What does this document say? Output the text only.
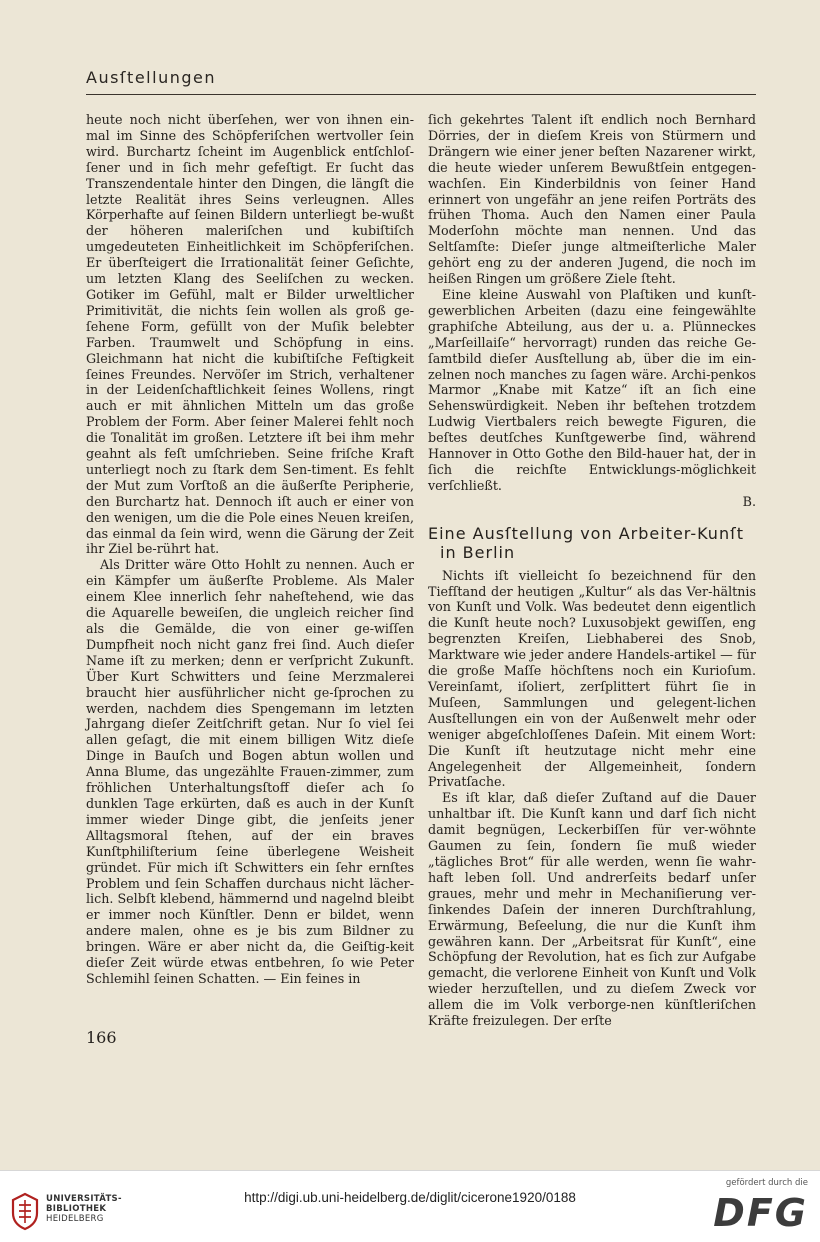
Ausſtellungen

heute noch nicht überſehen, wer von ihnen ein-mal im Sinne des Schöpferiſchen wertvoller ſein wird. Burchartz ſcheint im Augenblick entſchloſ-ſener und in ſich mehr gefeſtigt. Er ſucht das Transzendentale hinter den Dingen, die längſt die letzte Realität ihres Seins verleugnen. Alles Körperhafte auf ſeinen Bildern unterliegt be-wußt der höheren maleriſchen und kubiſtiſch umgedeuteten Einheitlichkeit im Schöpferiſchen. Er überſteigert die Irrationalität ſeiner Geſichte, um letzten Klang des Seeliſchen zu wecken. Gotiker im Gefühl, malt er Bilder urweltlicher Primitivität, die nichts ſein wollen als groß ge-ſehene Form, gefüllt von der Muſik belebter Farben. Traumwelt und Schöpfung in eins. Gleichmann hat nicht die kubiſtiſche Feſtigkeit ſeines Freundes. Nervöſer im Strich, verhaltener in der Leidenſchaftlichkeit ſeines Wollens, ringt auch er mit ähnlichen Mitteln um das große Problem der Form. Aber ſeiner Malerei fehlt noch die Tonalität im großen. Letztere iſt bei ihm mehr geahnt als feſt umſchrieben. Seine friſche Kraft unterliegt noch zu ſtark dem Sen-timent. Es fehlt der Mut zum Vorſtoß an die äußerſte Peripherie, den Burchartz hat. Dennoch iſt auch er einer von den wenigen, um die die Pole eines Neuen kreiſen, das einmal da ſein wird, wenn die Gärung der Zeit ihr Ziel be-rührt hat.

Als Dritter wäre Otto Hohlt zu nennen. Auch er ein Kämpfer um äußerſte Probleme. Als Maler einem Klee innerlich ſehr naheſtehend, wie das die Aquarelle beweiſen, die ungleich reicher ſind als die Gemälde, die von einer ge-wiſſen Dumpfheit noch nicht ganz frei ſind. Auch dieſer Name iſt zu merken; denn er verſpricht Zukunft. Über Kurt Schwitters und ſeine Merzmalerei braucht hier ausführlicher nicht ge-ſprochen zu werden, nachdem dies Spengemann im letzten Jahrgang dieſer Zeitſchrift getan. Nur ſo viel ſei allen geſagt, die mit einem billigen Witz dieſe Dinge in Bauſch und Bogen abtun wollen und Anna Blume, das ungezählte Frauen-zimmer, zum fröhlichen Unterhaltungsſtoff dieſer ach ſo dunklen Tage erkürten, daß es auch in der Kunſt immer wieder Dinge gibt, die jenſeits jener Alltagsmoral ſtehen, auf der ein braves Kunſtphiliſterium ſeine überlegene Weisheit gründet. Für mich iſt Schwitters ein ſehr ernſtes Problem und ſein Schaffen durchaus nicht lächer-lich. Selbſt klebend, hämmernd und nagelnd bleibt er immer noch Künſtler. Denn er bildet, wenn andere malen, ohne es je bis zum Bildner zu bringen. Wäre er aber nicht da, die Geiſtig-keit dieſer Zeit würde etwas entbehren, ſo wie Peter Schlemihl ſeinen Schatten. — Ein feines in

ſich gekehrtes Talent iſt endlich noch Bernhard Dörries, der in dieſem Kreis von Stürmern und Drängern wie einer jener beſten Nazarener wirkt, die heute wieder unſerem Bewußtſein entgegen-wachſen. Ein Kinderbildnis von ſeiner Hand erinnert von ungefähr an jene reifen Porträts des frühen Thoma. Auch den Namen einer Paula Moderſohn möchte man nennen. Und das Seltſamſte: Dieſer junge altmeiſterliche Maler gehört eng zu der anderen Jugend, die noch im heißen Ringen um größere Ziele ſteht.

Eine kleine Auswahl von Plaſtiken und kunſt-gewerblichen Arbeiten (dazu eine feingewählte graphiſche Abteilung, aus der u. a. Plünneckes „Marſeillaiſe“ hervorragt) runden das reiche Ge-ſamtbild dieſer Ausſtellung ab, über die im ein-zelnen noch manches zu ſagen wäre. Archi-penkos Marmor „Knabe mit Katze“ iſt an ſich eine Sehenswürdigkeit. Neben ihr beſtehen trotzdem Ludwig Viertbalers reich bewegte Figuren, die beſtes deutſches Kunſtgewerbe ſind, während Hannover in Otto Gothe den Bild-hauer hat, der in ſich die reichſte Entwicklungs-möglichkeit verſchließt.

B.

Eine Ausſtellung von Arbeiter-Kunſt
in Berlin

Nichts iſt vielleicht ſo bezeichnend für den Tiefſtand der heutigen „Kultur“ als das Ver-hältnis von Kunſt und Volk. Was bedeutet denn eigentlich die Kunſt heute noch? Luxusobjekt gewiſſen, eng begrenzten Kreiſen, Liebhaberei des Snob, Marktware wie jeder andere Handels-artikel — für die große Maſſe höchſtens noch ein Kurioſum. Vereinſamt, iſoliert, zerſplittert führt ſie in Muſeen, Sammlungen und gelegent-lichen Ausſtellungen ein von der Außenwelt mehr oder weniger abgeſchloſſenes Daſein. Mit einem Wort: Die Kunſt iſt heutzutage nicht mehr eine Angelegenheit der Allgemeinheit, ſondern Privatſache.

Es iſt klar, daß dieſer Zuſtand auf die Dauer unhaltbar iſt. Die Kunſt kann und darf ſich nicht damit begnügen, Leckerbiſſen für ver-wöhnte Gaumen zu ſein, ſondern ſie muß wieder „tägliches Brot“ für alle werden, wenn ſie wahr-haft leben ſoll. Und andrerſeits bedarf unſer graues, mehr und mehr in Mechaniſierung ver-ſinkendes Daſein der inneren Durchſtrahlung, Erwärmung, Beſeelung, die nur die Kunſt ihm gewähren kann. Der „Arbeitsrat für Kunſt“, eine Schöpfung der Revolution, hat es ſich zur Aufgabe gemacht, die verlorene Einheit von Kunſt und Volk wieder herzuſtellen, und zu dieſem Zweck vor allem die im Volk verborge-nen künſtleriſchen Kräfte freizulegen. Der erſte

166
UNIVERSITÄTS-
BIBLIOTHEK
HEIDELBERG
http://digi.ub.uni-heidelberg.de/diglit/cicerone1920/0188
gefördert durch die
DFG
